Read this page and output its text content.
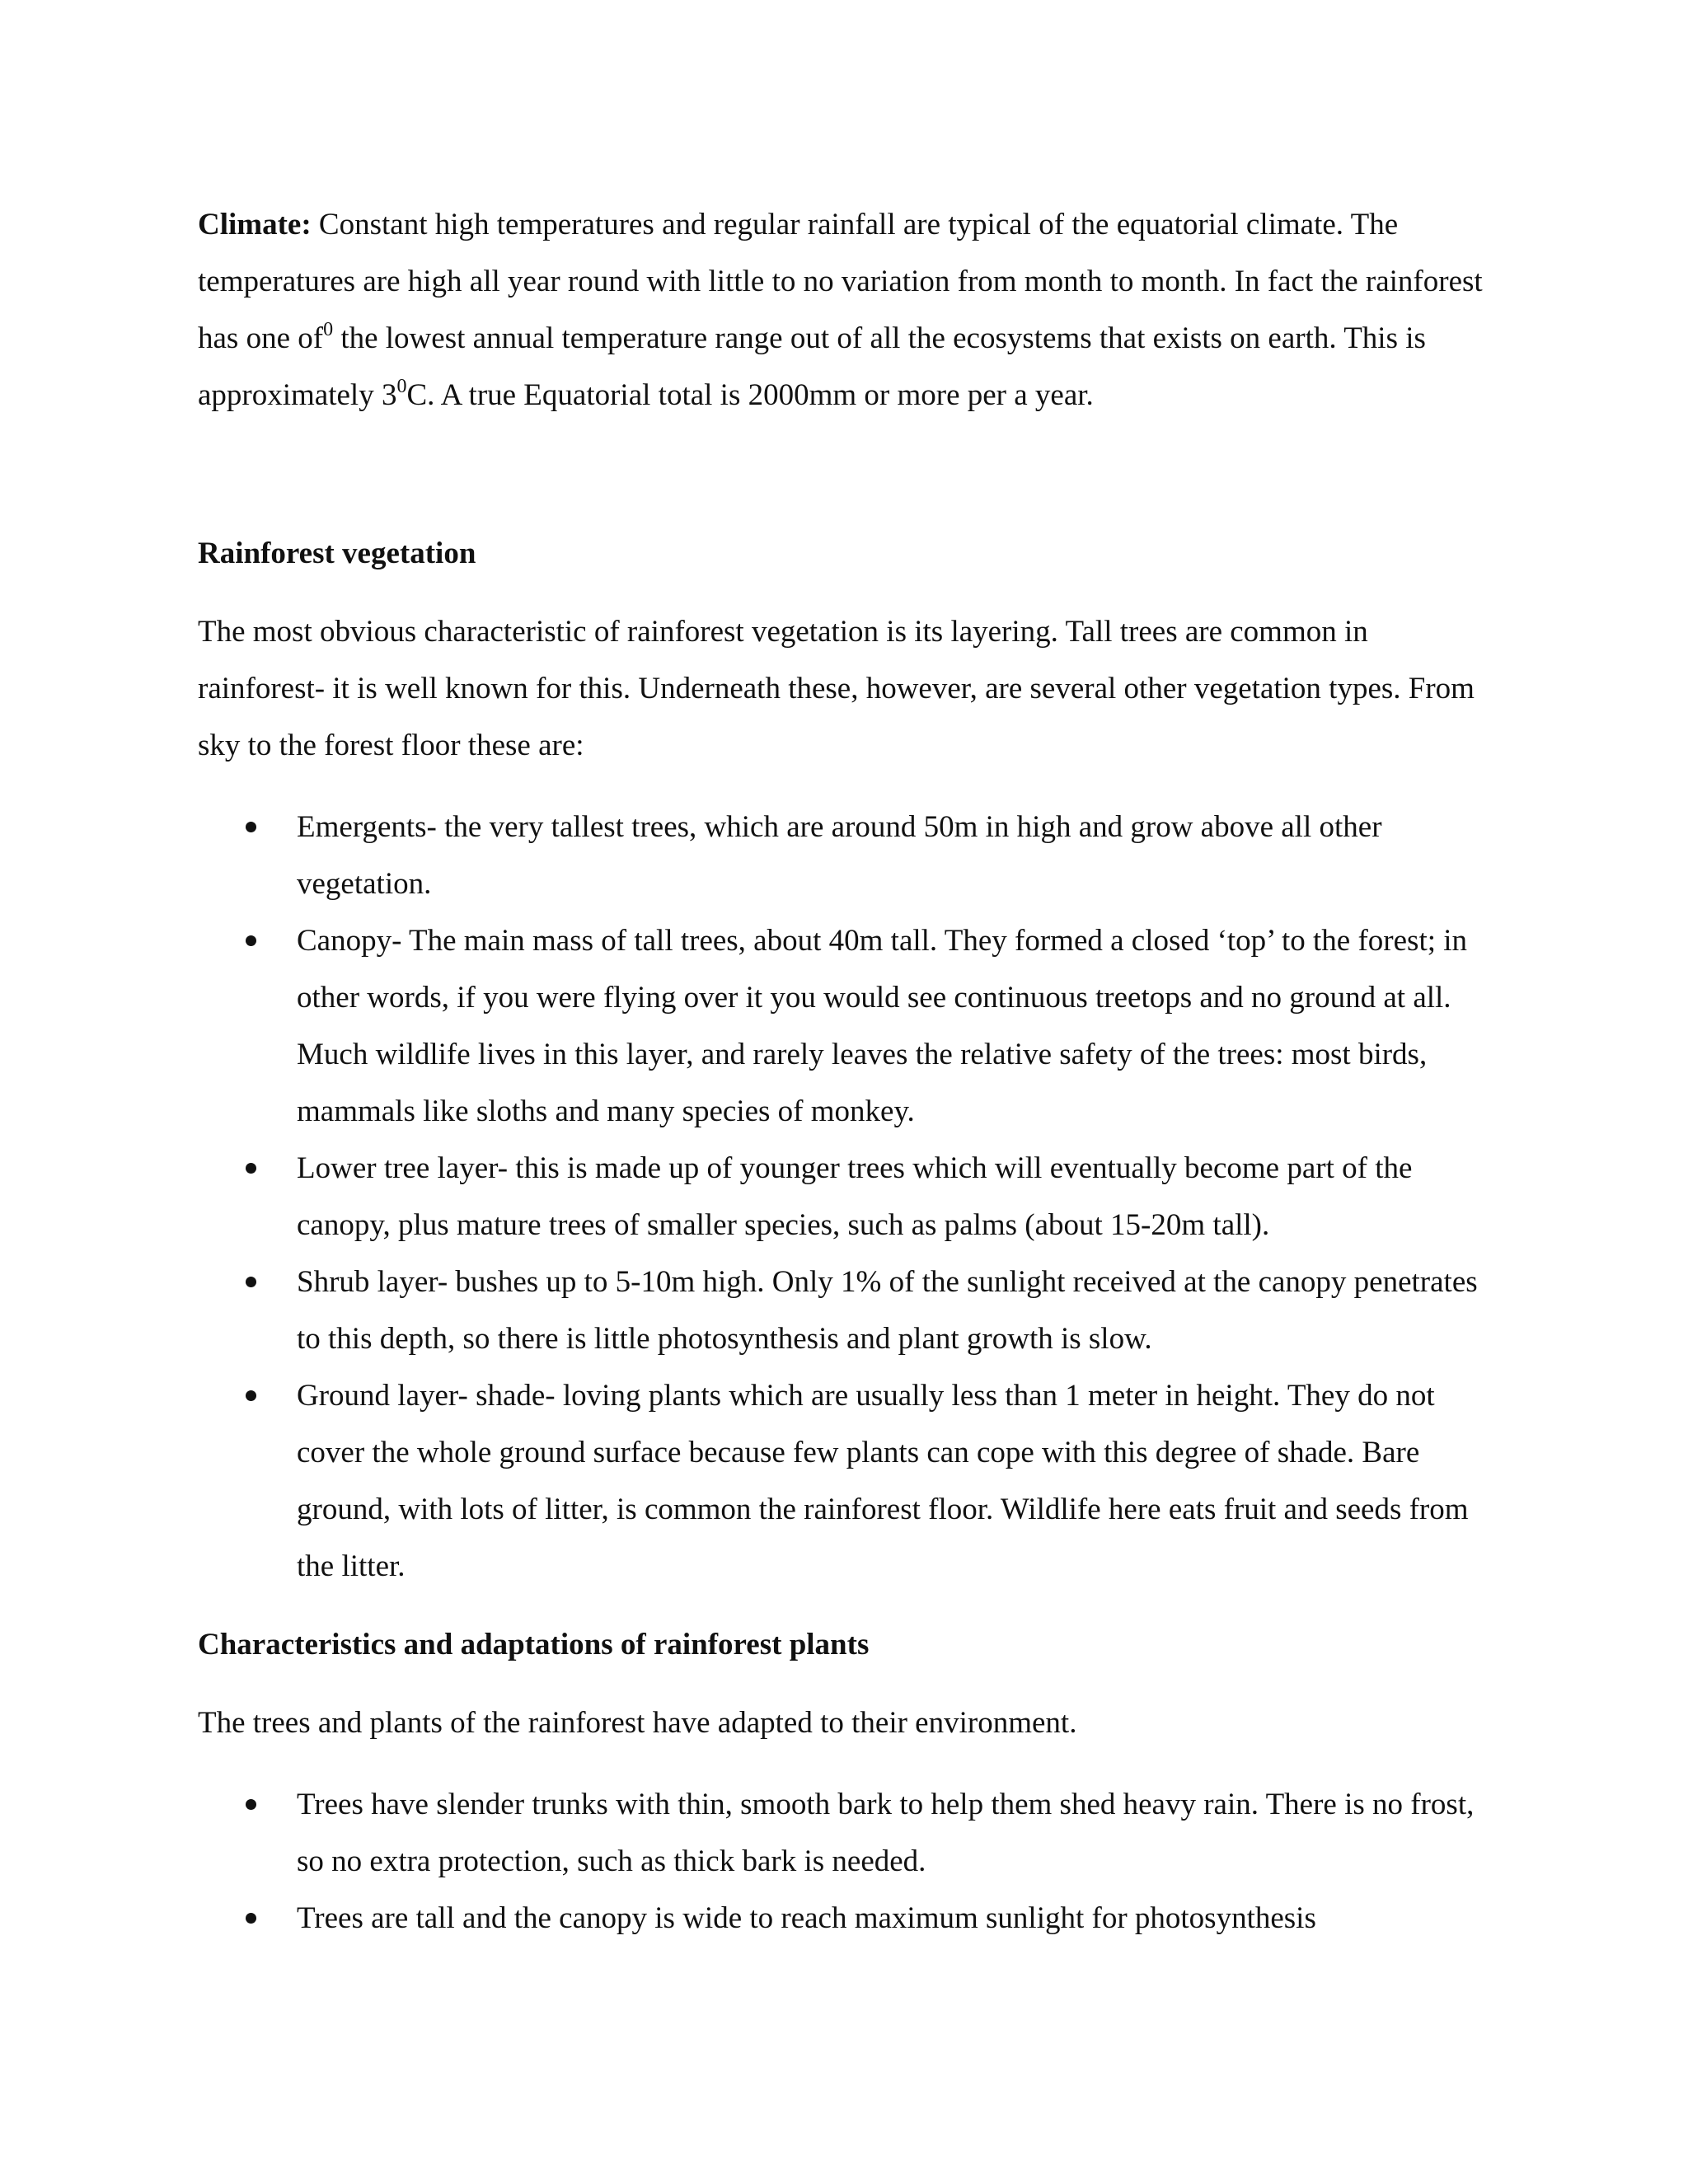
Climate: Constant high temperatures and regular rainfall are typical of the equatorial climate. The temperatures are high all year round with little to no variation from month to month. In fact the rainforest has one $of^0$ the lowest annual temperature range out of all the ecosystems that exists on earth. This is approximately $3^0C$. A true Equatorial total is 2000mm or more per a year.

Rainforest vegetation

The most obvious characteristic of rainforest vegetation is its layering. Tall trees are common in rainforest- it is well known for this. Underneath these, however, are several other vegetation types. From sky to the forest floor these are:

Emergents- the very tallest trees, which are around 50m in high and grow above all other vegetation.
Canopy- The main mass of tall trees, about 40m tall. They formed a closed ‘top’ to the forest; in other words, if you were flying over it you would see continuous treetops and no ground at all. Much wildlife lives in this layer, and rarely leaves the relative safety of the trees: most birds, mammals like sloths and many species of monkey.
Lower tree layer- this is made up of younger trees which will eventually become part of the canopy, plus mature trees of smaller species, such as palms (about 15-20m tall).
Shrub layer- bushes up to 5-10m high. Only 1% of the sunlight received at the canopy penetrates to this depth, so there is little photosynthesis and plant growth is slow.
Ground layer- shade- loving plants which are usually less than 1 meter in height. They do not cover the whole ground surface because few plants can cope with this degree of shade. Bare ground, with lots of litter, is common the rainforest floor. Wildlife here eats fruit and seeds from the litter.
Characteristics and adaptations of rainforest plants

The trees and plants of the rainforest have adapted to their environment.

Trees have slender trunks with thin, smooth bark to help them shed heavy rain. There is no frost, so no extra protection, such as thick bark is needed.
Trees are tall and the canopy is wide to reach maximum sunlight for photosynthesis
